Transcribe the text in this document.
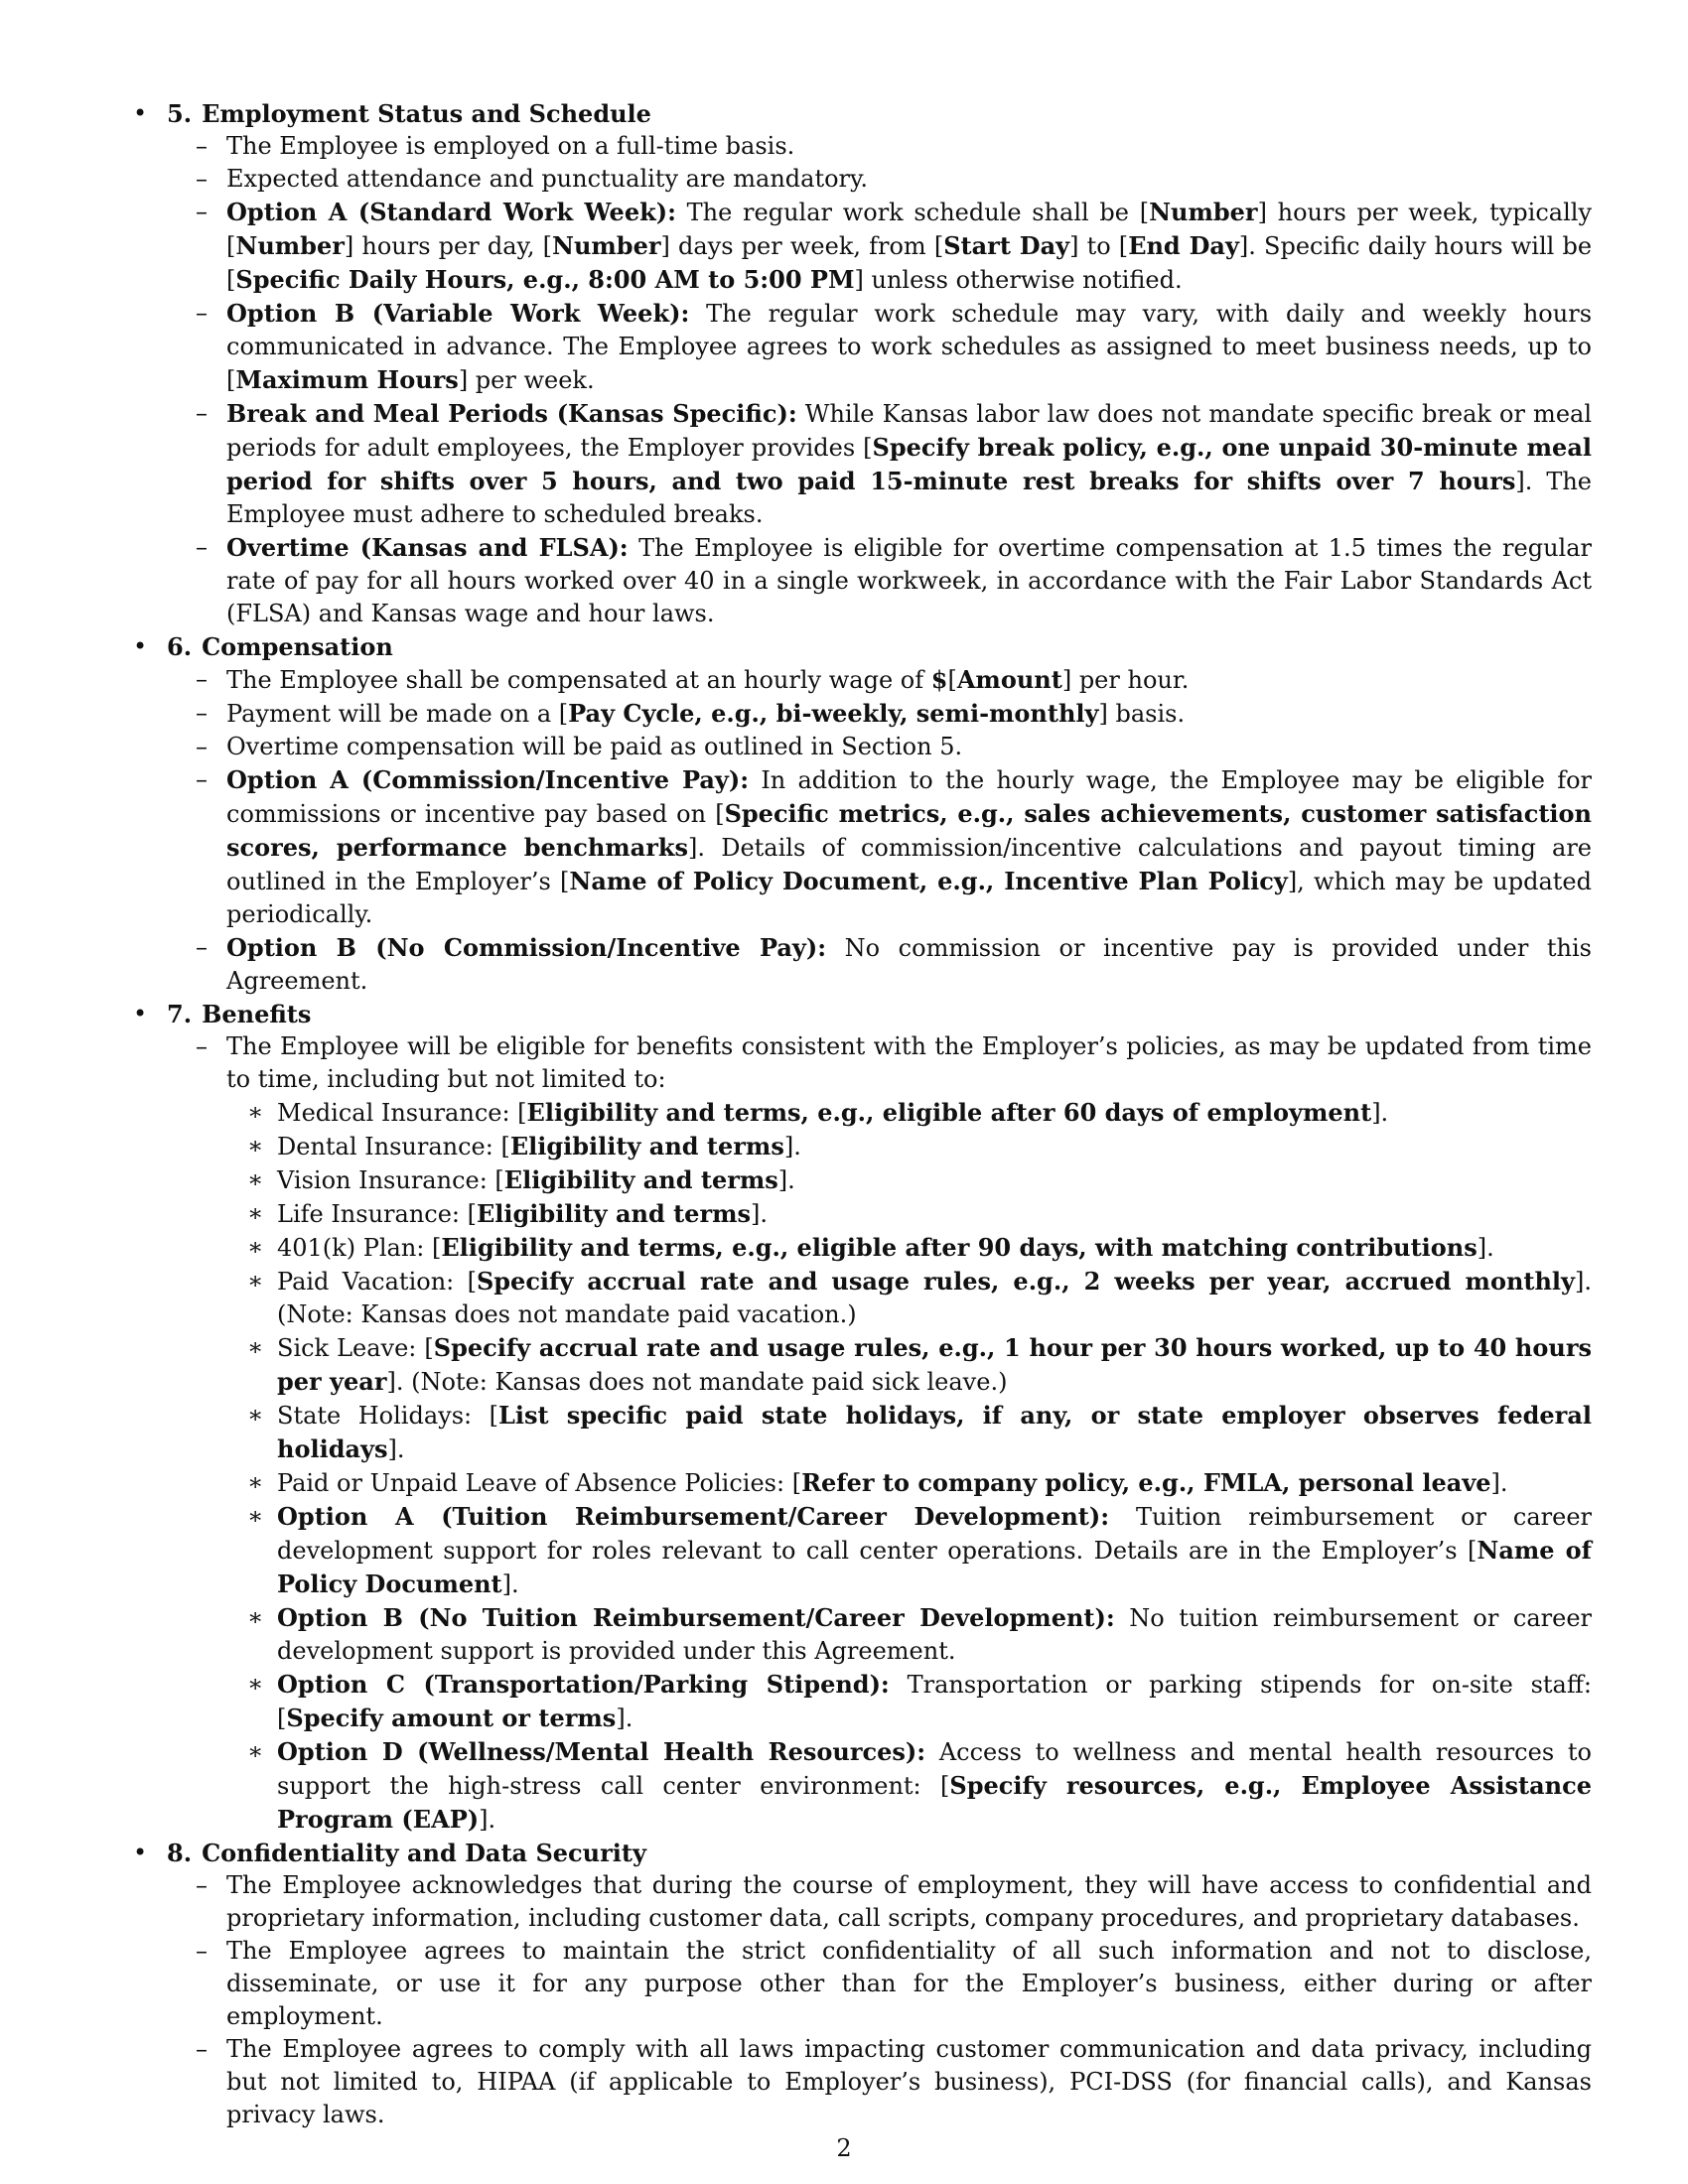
• 5. Employment Status and Schedule
– The Employee is employed on a full-time basis.
– Expected attendance and punctuality are mandatory.
– Option A (Standard Work Week): The regular work schedule shall be [Number] hours per week, typically [Number] hours per day, [Number] days per week, from [Start Day] to [End Day]. Specific daily hours will be [Specific Daily Hours, e.g., 8:00 AM to 5:00 PM] unless otherwise notified.
– Option B (Variable Work Week): The regular work schedule may vary, with daily and weekly hours communicated in advance. The Employee agrees to work schedules as assigned to meet business needs, up to [Maximum Hours] per week.
– Break and Meal Periods (Kansas Specific): While Kansas labor law does not mandate specific break or meal periods for adult employees, the Employer provides [Specify break policy, e.g., one unpaid 30-minute meal period for shifts over 5 hours, and two paid 15-minute rest breaks for shifts over 7 hours]. The Employee must adhere to scheduled breaks.
– Overtime (Kansas and FLSA): The Employee is eligible for overtime compensation at 1.5 times the regular rate of pay for all hours worked over 40 in a single workweek, in accordance with the Fair Labor Standards Act (FLSA) and Kansas wage and hour laws.
• 6. Compensation
– The Employee shall be compensated at an hourly wage of $[Amount] per hour.
– Payment will be made on a [Pay Cycle, e.g., bi-weekly, semi-monthly] basis.
– Overtime compensation will be paid as outlined in Section 5.
– Option A (Commission/Incentive Pay): In addition to the hourly wage, the Employee may be eligible for commissions or incentive pay based on [Specific metrics, e.g., sales achievements, customer satisfaction scores, performance benchmarks]. Details of commission/incentive calculations and payout timing are outlined in the Employer’s [Name of Policy Document, e.g., Incentive Plan Policy], which may be updated periodically.
– Option B (No Commission/Incentive Pay): No commission or incentive pay is provided under this Agreement.
• 7. Benefits
– The Employee will be eligible for benefits consistent with the Employer’s policies, as may be updated from time to time, including but not limited to:
∗ Medical Insurance: [Eligibility and terms, e.g., eligible after 60 days of employment].
∗ Dental Insurance: [Eligibility and terms].
∗ Vision Insurance: [Eligibility and terms].
∗ Life Insurance: [Eligibility and terms].
∗ 401(k) Plan: [Eligibility and terms, e.g., eligible after 90 days, with matching contributions].
∗ Paid Vacation: [Specify accrual rate and usage rules, e.g., 2 weeks per year, accrued monthly]. (Note: Kansas does not mandate paid vacation.)
∗ Sick Leave: [Specify accrual rate and usage rules, e.g., 1 hour per 30 hours worked, up to 40 hours per year]. (Note: Kansas does not mandate paid sick leave.)
∗ State Holidays: [List specific paid state holidays, if any, or state employer observes federal holidays].
∗ Paid or Unpaid Leave of Absence Policies: [Refer to company policy, e.g., FMLA, personal leave].
∗ Option A (Tuition Reimbursement/Career Development): Tuition reimbursement or career development support for roles relevant to call center operations. Details are in the Employer’s [Name of Policy Document].
∗ Option B (No Tuition Reimbursement/Career Development): No tuition reimbursement or career development support is provided under this Agreement.
∗ Option C (Transportation/Parking Stipend): Transportation or parking stipends for on-site staff: [Specify amount or terms].
∗ Option D (Wellness/Mental Health Resources): Access to wellness and mental health resources to support the high-stress call center environment: [Specify resources, e.g., Employee Assistance Program (EAP)].
• 8. Confidentiality and Data Security
– The Employee acknowledges that during the course of employment, they will have access to confidential and proprietary information, including customer data, call scripts, company procedures, and proprietary databases.
– The Employee agrees to maintain the strict confidentiality of all such information and not to disclose, disseminate, or use it for any purpose other than for the Employer’s business, either during or after employment.
– The Employee agrees to comply with all laws impacting customer communication and data privacy, including but not limited to, HIPAA (if applicable to Employer’s business), PCI-DSS (for financial calls), and Kansas privacy laws.
2
